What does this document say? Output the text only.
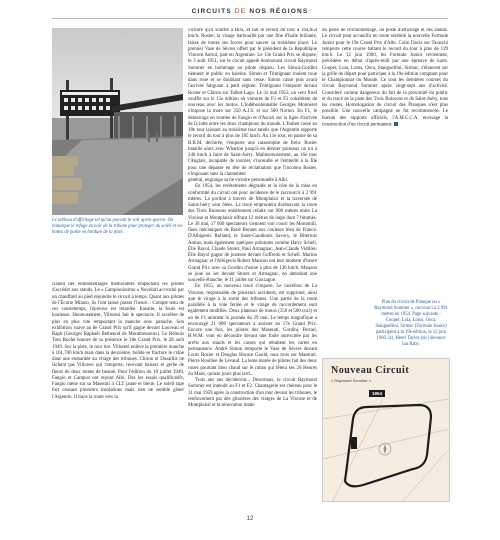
CIRCUITS DE NOS RÉGIONS
Le tableau d'affichage tel qu'on pouvait le voir après-guerre. On remarque le refuge en noir de la tribune pour protéger du soleil et les bottes de paille en bordure de la piste.

ciaient des embouteillages mémorables empêchant les pilotes d'accéder aux stands. Le « Campionissimo » Nuvolari accroché par un chauffard au pied rejoindre le circuit à temps. Quant aux pilotes de l'Écurie Milano, ils l'ont laissé passer l'heure... Compte tenu de ces contretemps, l'épreuve est retardée. Ensuite, la foule est houleuse. Heureusement, Villoresi fait le spectacle. Il accélère de plus en plus vite remportant la manche avec panache. Son exhibition suave au 8e Grand Prix qu'il gagne devant Louveau et Raph (Georges Raphaël Béthenod de Montbressieux). Le Rémois Toto Roche honore de sa présence le 10e Grand Prix, le 28 août 1949. Sur la piste, le tour tire. Villoresi enlève la première manche à 161,700 km/h mais dans la deuxième, bolide se fracture le crâne dans une embardée au virage des tribunes. Chiron et Dusaillis ne lâchent pas Villoresi qui l'emporte, recevant baisers et gerbe de fleurs de deux reines de beauté. Pour l'édition du 10 juillet 1949, Fangio et Campos ont rejoint Albi. Des les essais qualificatifs, Fangio mène sur sa Maserati 4 CLT jaune et bleue. Le soleil tape fort causant plusieurs insolations mais rien ne semble gêner l'Argentin. Il trace la route vers la

victoire qu'il souffle à Bira, et fait le record du tour à 164,854 km/h. Rosier, la visage barbouillé par une fine d'huile brûlante, laisse de toutes ses forces pour sauver sa troisième place. Le premier Vase de Sèvres offert par le président de la République Vincent Auriol, part en Argentine. Le 13e Grand Prix se dispute, le 3 août 1951, sur le circuit appelé dorénavant circuit Raymond Sommer en hommage au pilote disparu. Les Simca-Gordini tiennent le public en haleine. Simon et Trintignant roulent roue dans roue et se doublant sans cesse. Simon casse puis avant l'arrivée fatiguant à petit régime. Trintignant l'emporte devant Rosier et Chiron sur Talbot-Lago. Le 31 mai 1953, un vent froid souffle sur le 15e édition où voitures de F1 et F2 cohabitent de nouveau avec les motos. L'indéboulonnable Georges Monneret s'impose la moto sur 350 A.J.S. et sur 500 Norton. En F1, le démarrage en trombe de Fangio et d'Ascari sur la ligne d'arrivée de la lutte entre les deux champions du monde. L'Italien cassé au 18e tour laissant au troisième tour tandis que l'Argentin rapporte le record du tour à plus de 185 km/h. Au 11e tour, en panne de sa B.R.M. déchirée, l'emporte une catastrophe de frein. Rosier bataille alors avec Wharton jusqu'à en dernier poireaux un ira à 240 km/h à faire de Saint-Juéry. Malheureusement, au 16e tour l'Anglais, incapable de tourner, s'incendie et l'embellit à la file pour une dépasse en tête de réclamation que l'inconnu Rosier, s'imposant sans la classement

général, engrange sa 6e victoire personnelle à Albi.

En 1954, les revêtements dégradés et la côte de la mise en conformité du circuit ont pour incidence de le raccourcir à 2 991 mètres. La portion à travers de Montplaisir et la traversée de Saint-Juéry sont ôtées. La tracé empruntera dorénavant la route des Trois Buissons entièrement refaite sur 900 mètres entre La Viscose et Montplaisir offrant 12 mètres de large dont 7 bitumés. Le 30 mai, 17 000 spectateurs viennent voir courir les Monomill, fines mécaniques de René Bonnet aux couleurs bleu de France. D'Albigeois Rolland, le Saint-Gaudinois Savory, le Biterrois Antras, mais également quelques pointures comme Harry Schell, Élie Bayol, Claude Storez, Paul Armagnac, Jean-Claude Vidilles. Élie Bayol gagne de justesse devant Goffredo et Schell. Marion Armagnac et l'Albigeois Robert Manzon ont leur moment d'heure Grand Prix avec sa Gordini d'usine à plus de 130 km/h. Manzon se joue au 1er devant Storez et Armagnac, en attendant une nouvelle ébauche, le 11 juillet sur Gonzague.

En 1955, un nouveau tracé s'impose. Le carrefour de La Viscose, responsable de plusieurs accidents, est supprimé, ainsi que le virage à la sortie des tribunes. Une partie de la route parallèle à la voie ferrée et le virage de raccordement sont également modifiés. Deux plateaux de motos (350 et 500 cm3) et un de F1 animent la journée du 29 mai. Le temps magnifique a encouragé 21 000 spectateurs à assister au 17e Grand Prix. Encore une fois, les pilotes des Maserati, Gordini, Ferrari, H.W.M. vont en découdre devant une foule surexcitée par les arrêts aux stands et les casses qui rebattent les cartes en permanence. André Simon remporte le Vase de Sèvres devant Louis Rosier et Douglas Horace Gould, tous trois sur Maserati. Pierre Rouillée de Lévaud. La lente marée de pilotes fait des deux roues pourtant bien chaud sur le ruban qui fêtera ses 20 Heures du Mans, quinze jours plus tard...

Trois ans ans décideront... Désormais, le circuit Raymond Sommer est intendit au F1 et F2. Chantagerie est chéreau pour le 31 mai 1959 après la construction d'un mur devant les tribunes, le renforcement par des glissières des virages de La Viscose et de Montplaisir et la rénovation totale

du poste de chronométrage, du poste d'affichage et des stands. Le circuit peut accueillir en toute sérénité la nouvelle Formule Junior pour le 19e Grand Prix d'Albi. Colin Davis sur Taraschi remporte cette course battant le record du tour à plus de 129 km/h. Le 12 juin 1960, les Formule Junior reviennent, précédées en début d'après-midi par une épreuve de karts. Cooper, Lola, Lotus, Osca, Stanguellini, Sirmac, s'élancent sur la grille de départ pour participer à la 19e édition comptant pour le Championnat du Monde. Ce sont les dernières courses du circuit Raymond Sommer après vingt-sept ans d'activité. Considéré comme dangereux du fait de la proximité du public et du tracé de la piste des Trois Buissons et de Saint-Juéry, tous les routes. Homologation du circuit des Planques n'est plus possible. Une nouvelle campagne ne fut recommencée. Le bureau des rapports officiels, l'A.M.C.C.A. envisage la construction d'un circuit permanent.

Plan du circuit de Planque ou « Raymond Sommer », raccourci à 2 991 mètres en 1954. Page suivante : Cooper, Lola, Lotus, Osca, Stanguellini, Sirmac (Formule Junior) participent à la 19e édition, le 12 juin 1960. Ici, Henri Taylor (sic) devance Ian Raby.
Nouveau Circuit
« Raymond Sommer »
1954
12
